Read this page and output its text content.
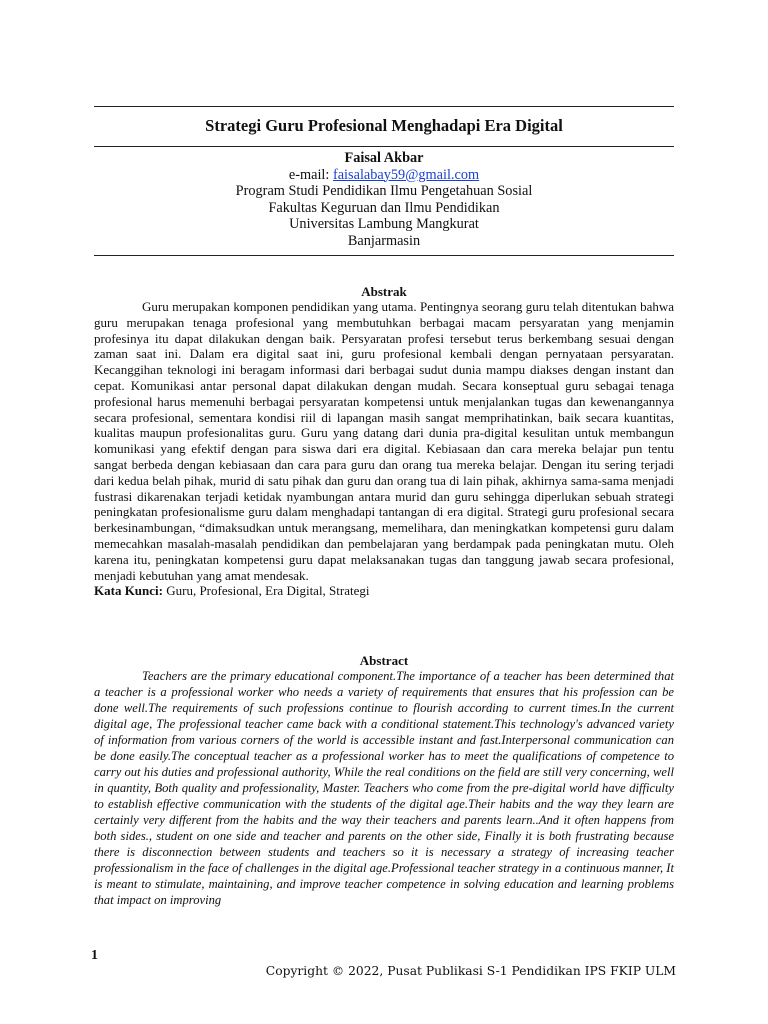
Strategi Guru Profesional Menghadapi Era Digital
Faisal Akbar
e-mail: faisalabay59@gmail.com
Program Studi Pendidikan Ilmu Pengetahuan Sosial
Fakultas Keguruan dan Ilmu Pendidikan
Universitas Lambung Mangkurat
Banjarmasin
Abstrak

Guru merupakan komponen pendidikan yang utama. Pentingnya seorang guru telah ditentukan bahwa guru merupakan tenaga profesional yang membutuhkan berbagai macam persyaratan yang menjamin profesinya itu dapat dilakukan dengan baik. Persyaratan profesi tersebut terus berkembang sesuai dengan zaman saat ini. Dalam era digital saat ini, guru profesional kembali dengan pernyataan persyaratan. Kecanggihan teknologi ini beragam informasi dari berbagai sudut dunia mampu diakses dengan instant dan cepat. Komunikasi antar personal dapat dilakukan dengan mudah. Secara konseptual guru sebagai tenaga profesional harus memenuhi berbagai persyaratan kompetensi untuk menjalankan tugas dan kewenangannya secara profesional, sementara kondisi riil di lapangan masih sangat memprihatinkan, baik secara kuantitas, kualitas maupun profesionalitas guru. Guru yang datang dari dunia pra-digital kesulitan untuk membangun komunikasi yang efektif dengan para siswa dari era digital. Kebiasaan dan cara mereka belajar pun tentu sangat berbeda dengan kebiasaan dan cara para guru dan orang tua mereka belajar. Dengan itu sering terjadi dari kedua belah pihak, murid di satu pihak dan guru dan orang tua di lain pihak, akhirnya sama-sama menjadi fustrasi dikarenakan terjadi ketidak nyambungan antara murid dan guru sehingga diperlukan sebuah strategi peningkatan profesionalisme guru dalam menghadapi tantangan di era digital. Strategi guru profesional secara berkesinambungan, “dimaksudkan untuk merangsang, memelihara, dan meningkatkan kompetensi guru dalam memecahkan masalah-masalah pendidikan dan pembelajaran yang berdampak pada peningkatan mutu. Oleh karena itu, peningkatan kompetensi guru dapat melaksanakan tugas dan tanggung jawab secara profesional, menjadi kebutuhan yang amat mendesak.

Kata Kunci: Guru, Profesional, Era Digital, Strategi

Abstract

Teachers are the primary educational component.The importance of a teacher has been determined that a teacher is a professional worker who needs a variety of requirements that ensures that his profession can be done well.The requirements of such professions continue to flourish according to current times.In the current digital age, The professional teacher came back with a conditional statement.This technology's advanced variety of information from various corners of the world is accessible instant and fast.Interpersonal communication can be done easily.The conceptual teacher as a professional worker has to meet the qualifications of competence to carry out his duties and professional authority, While the real conditions on the field are still very concerning, well in quantity, Both quality and professionality, Master. Teachers who come from the pre-digital world have difficulty to establish effective communication with the students of the digital age.Their habits and the way they learn are certainly very different from the habits and the way their teachers and parents learn..And it often happens from both sides., student on one side and teacher and parents on the other side, Finally it is both frustrating because there is disconnection between students and teachers so it is necessary a strategy of increasing teacher professionalism in the face of challenges in the digital age.Professional teacher strategy in a continuous manner, It is meant to stimulate, maintaining, and improve teacher competence in solving education and learning problems that impact on improving

1
Copyright © 2022, Pusat Publikasi S-1 Pendidikan IPS FKIP ULM
